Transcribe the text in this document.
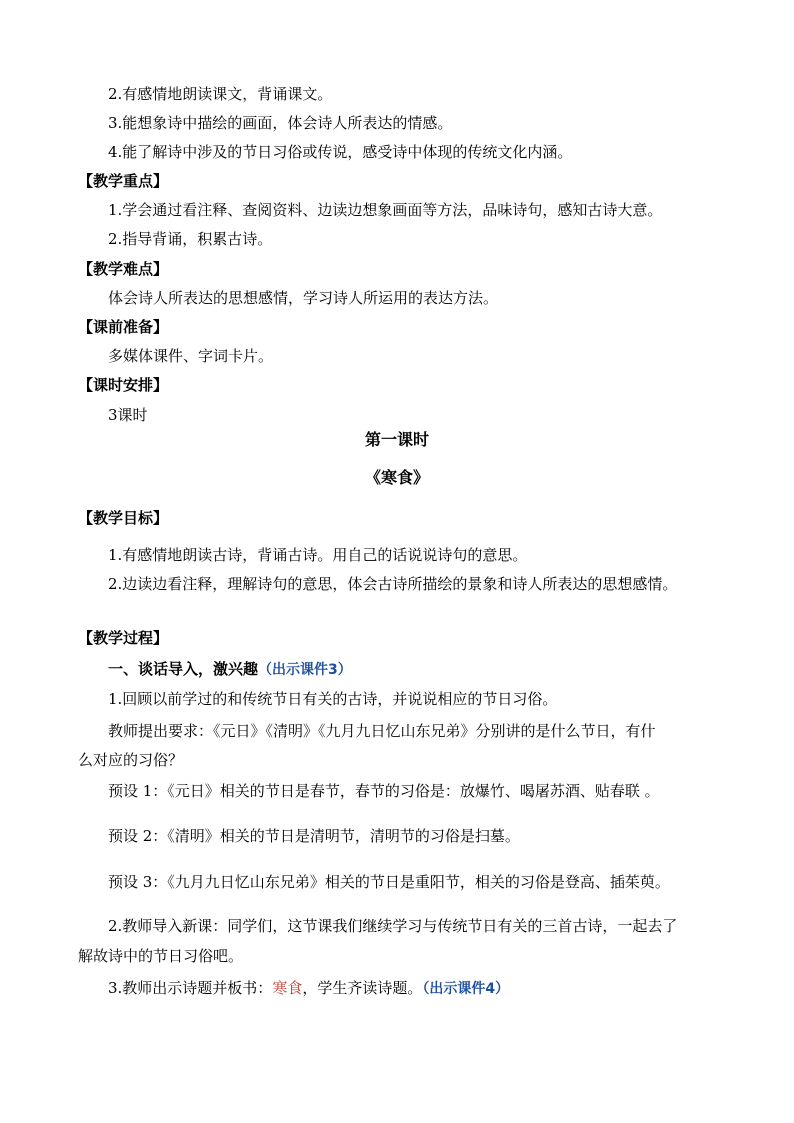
2.有感情地朗读课文，背诵课文。
3.能想象诗中描绘的画面，体会诗人所表达的情感。
4.能了解诗中涉及的节日习俗或传说，感受诗中体现的传统文化内涵。
【教学重点】
1.学会通过看注释、查阅资料、边读边想象画面等方法，品味诗句，感知古诗大意。
2.指导背诵，积累古诗。
【教学难点】
体会诗人所表达的思想感情，学习诗人所运用的表达方法。
【课前准备】
多媒体课件、字词卡片。
【课时安排】
3课时
第一课时
《寒食》
【教学目标】
1.有感情地朗读古诗，背诵古诗。用自己的话说说诗句的意思。
2.边读边看注释，理解诗句的意思，体会古诗所描绘的景象和诗人所表达的思想感情。
【教学过程】
一、谈话导入，激兴趣（出示课件3）
1.回顾以前学过的和传统节日有关的古诗，并说说相应的节日习俗。
教师提出要求：《元日》《清明》《九月九日忆山东兄弟》分别讲的是什么节日，有什
么对应的习俗？
预设 1：《元日》相关的节日是春节，春节的习俗是：放爆竹、喝屠苏酒、贴春联 。
预设 2：《清明》相关的节日是清明节，清明节的习俗是扫墓。
预设 3：《九月九日忆山东兄弟》相关的节日是重阳节，相关的习俗是登高、插茱萸。
2.教师导入新课：同学们，这节课我们继续学习与传统节日有关的三首古诗，一起去了
解故诗中的节日习俗吧。
3.教师出示诗题并板书：寒食，学生齐读诗题。（出示课件4）
